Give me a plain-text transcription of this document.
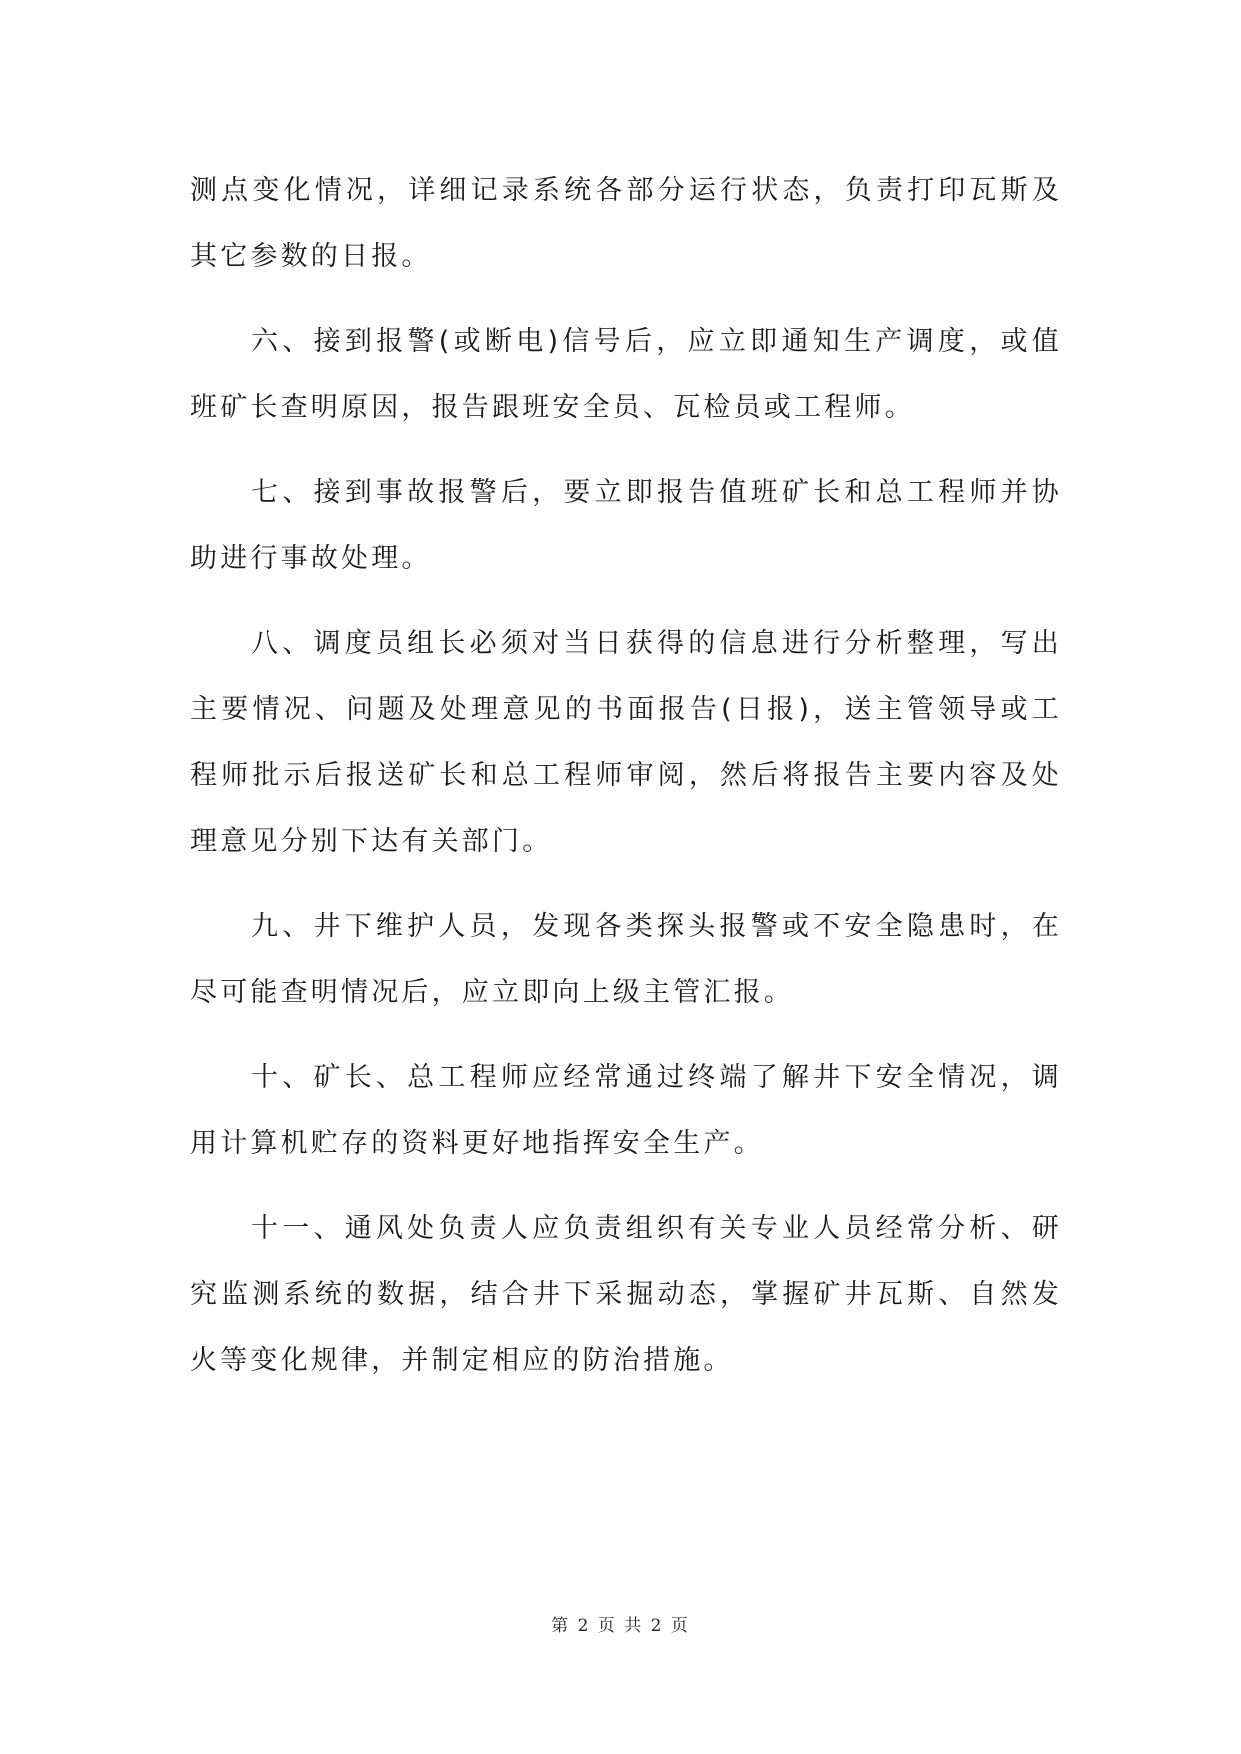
测点变化情况，详细记录系统各部分运行状态，负责打印瓦斯及其它参数的日报。

六、接到报警(或断电)信号后，应立即通知生产调度，或值班矿长查明原因，报告跟班安全员、瓦检员或工程师。

七、接到事故报警后，要立即报告值班矿长和总工程师并协助进行事故处理。

八、调度员组长必须对当日获得的信息进行分析整理，写出主要情况、问题及处理意见的书面报告(日报)，送主管领导或工程师批示后报送矿长和总工程师审阅，然后将报告主要内容及处理意见分别下达有关部门。

九、井下维护人员，发现各类探头报警或不安全隐患时，在尽可能查明情况后，应立即向上级主管汇报。

十、矿长、总工程师应经常通过终端了解井下安全情况，调用计算机贮存的资料更好地指挥安全生产。

十一、通风处负责人应负责组织有关专业人员经常分析、研究监测系统的数据，结合井下采掘动态，掌握矿井瓦斯、自然发火等变化规律，并制定相应的防治措施。

第 2 页 共 2 页
